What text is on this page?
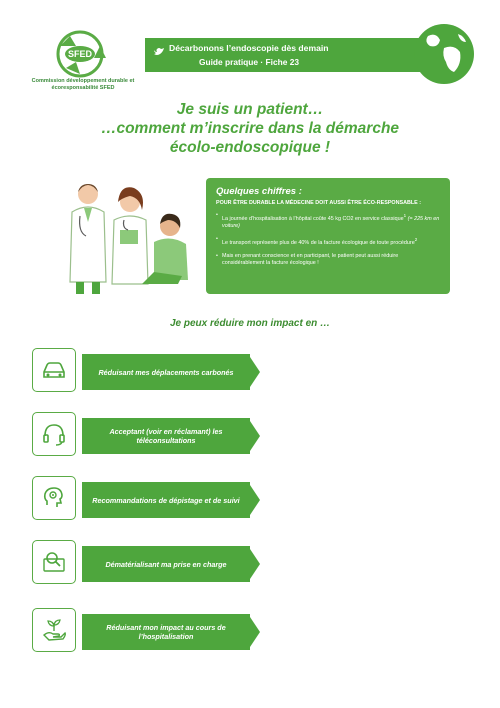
SFED
Commission développement durable et écoresponsabilité SFED
Décarbonons l’endoscopie dès demain
Guide pratique · Fiche 23
Je suis un patient…
…comment m’inscrire dans la démarche
écolo-endoscopique !
Quelques chiffres :
POUR ÊTRE DURABLE LA MÉDECINE DOIT AUSSI ÊTRE ÉCO-RESPONSABLE :
• La journée d’hospitalisation à l’hôpital coûte 45 kg CO2 en service classique$^1$ (= 225 km en voiture)
• Le transport représente plus de 40% de la facture écologique de toute procédure$^2$
• Mais en prenant conscience et en participant, le patient peut aussi réduire considérablement la facture écologique !
Je peux réduire mon impact en …
• Vélo/Train/métro > voiture
• Éviter les taxis car facture écologique x2 (Aller retour à vide)
• Limiter le nombre de déplacement à l’hôpital
Réduisant mes déplacements carbonés
• Consultation évitée = impact réduit (économique/écologique/ professionnel)
• Consultations d’information du geste
• Consultation de suivi de l’efficacité d’une procédure
• Remise de résultats histologiques
Acceptant (voir en réclamant) les téléconsultations
• En me dépistant je suis pris en charge tôt au stade précancéreux : moins grave, mieux guéri, moins d’impact$^{3,4}$
• En acceptant le délai de surveillance proposé je bénéficie du meilleur compromis protection/impact
Recommandations de dépistage et de suivi
• E-carte vitale et peu d’impression
• Convocations via e-mail (zero papier)
• En évitant toute consultation manquée ou en prévenant longtemps à l’avance pour que le créneau soit redonné.
Dématérialisant ma prise en charge
• Étant à l’heure et présents aux consultations
• En choisissant des Repas sans plastique (vaisselle)
• Café sans gobelet plastique
• Positivisme écologique envers les équipes
• Évitant les vêtements jetables (pyjama tout doux)
Réduisant mon impact au cours de l’hospitalisation
